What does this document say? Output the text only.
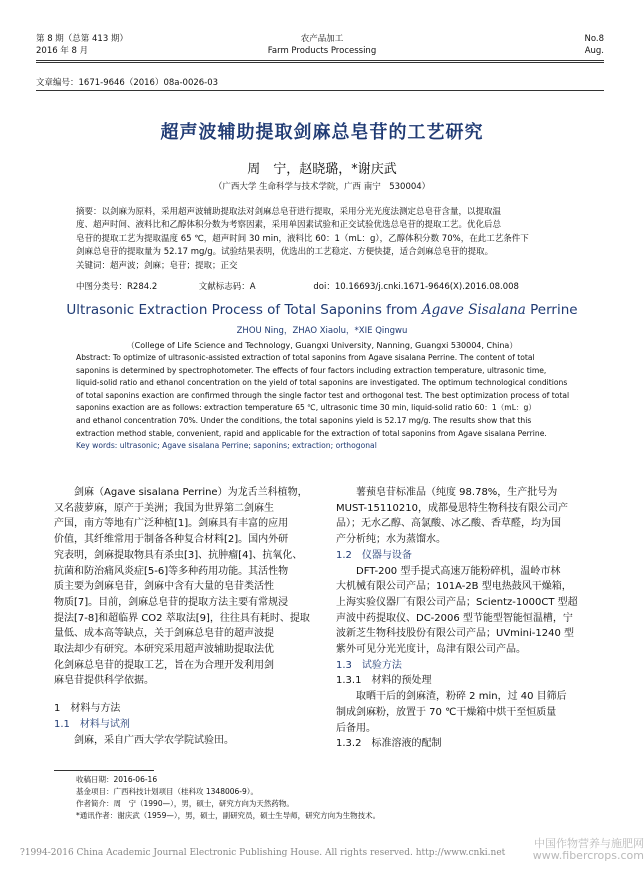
第 8 期（总第 413 期）
2016 年 8 月
农产品加工
Farm Products Processing
No.8
Aug.
文章编号：1671-9646（2016）08a-0026-03
超声波辅助提取剑麻总皂苷的工艺研究
周　宁，赵晓璐，*谢庆武
（广西大学 生命科学与技术学院，广西 南宁　530004）

摘要：以剑麻为原料，采用超声波辅助提取法对剑麻总皂苷进行提取，采用分光光度法测定总皂苷含量，以提取温

度、超声时间、液料比和乙醇体积分数为考察因素，采用单因素试验和正交试验优选总皂苷的提取工艺。优化后总

皂苷的提取工艺为提取温度 65 ℃，超声时间 30 min，液料比 60：1（mL：g），乙醇体积分数 70%，在此工艺条件下

剑麻总皂苷的提取量为 52.17 mg/g。试验结果表明，优选出的工艺稳定、方便快捷，适合剑麻总皂苷的提取。

关键词：超声波；剑麻；皂苷；提取；正交

中图分类号：R284.2	文献标志码：A	doi：10.16693/j.cnki.1671-9646(X).2016.08.008
Ultrasonic Extraction Process of Total Saponins from Agave Sisalana Perrine
ZHOU Ning，ZHAO Xiaolu，*XIE Qingwu
（College of Life Science and Technology, Guangxi University, Nanning, Guangxi 530004, China）

Abstract: To optimize of ultrasonic-assisted extraction of total saponins from Agave sisalana Perrine. The content of total

saponins is determined by spectrophotometer. The effects of four factors including extraction temperature, ultrasonic time,

liquid-solid ratio and ethanol concentration on the yield of total saponins are investigated. The optimum technological conditions

of total saponins exaction are confirmed through the single factor test and orthogonal test. The best optimization process of total

saponins exaction are as follows: extraction temperature 65 ℃, ultrasonic time 30 min, liquid-solid ratio 60：1（mL：g）

and ethanol concentration 70%. Under the conditions, the total saponins yield is 52.17 mg/g. The results show that this

extraction method stable, convenient, rapid and applicable for the extraction of total saponins from Agave sisalana Perrine.

Key words: ultrasonic; Agave sisalana Perrine; saponins; extraction; orthogonal

剑麻（Agave sisalana Perrine）为龙舌兰科植物，

又名菠萝麻，原产于美洲；我国为世界第二剑麻生

产国，南方等地有广泛种植[1]。剑麻具有丰富的应用

价值，其纤维常用于制备各种复合材料[2]。国内外研

究表明，剑麻提取物具有杀虫[3]、抗肿瘤[4]、抗氧化、

抗菌和防治痛风炎症[5-6]等多种药用功能。其活性物

质主要为剑麻皂苷，剑麻中含有大量的皂苷类活性

物质[7]。目前，剑麻总皂苷的提取方法主要有常规浸

提法[7-8]和超临界 CO2 萃取法[9]，往往具有耗时、提取

量低、成本高等缺点，关于剑麻总皂苷的超声波提

取法却少有研究。本研究采用超声波辅助提取法优

化剑麻总皂苷的提取工艺，旨在为合理开发利用剑

麻皂苷提供科学依据。

1　材料与方法

1.1　材料与试剂

剑麻，采自广西大学农学院试验田。

薯蓣皂苷标准品（纯度 98.78%，生产批号为

MUST-15110210，成都曼思特生物科技有限公司产

品）；无水乙醇、高氯酸、冰乙酸、香草醛，均为国

产分析纯；水为蒸馏水。

1.2　仪器与设备

DFT-200 型手提式高速万能粉碎机，温岭市林

大机械有限公司产品；101A-2B 型电热鼓风干燥箱，

上海实验仪器厂有限公司产品；Scientz-1000CT 型超

声波中药提取仪、DC-2006 型节能型智能恒温槽，宁

波新芝生物科技股份有限公司产品；UVmini-1240 型

紫外可见分光光度计，岛津有限公司产品。

1.3　试验方法

1.3.1　材料的预处理

取晒干后的剑麻渣，粉碎 2 min，过 40 目筛后

制成剑麻粉，放置于 70 ℃干燥箱中烘干至恒质量

后备用。

1.3.2　标准溶液的配制

收稿日期：2016-06-16

基金项目：广西科技计划项目（桂科攻 1348006-9）。

作者简介：周　宁（1990—），男，硕士，研究方向为天然药物。

*通讯作者：谢庆武（1959—），男，硕士，副研究员，硕士生导师，研究方向为生物技术。

?1994-2016 China Academic Journal Electronic Publishing House. All rights reserved. http://www.cnki.net
中国作物营养与施肥网
www.fibercrops.com
